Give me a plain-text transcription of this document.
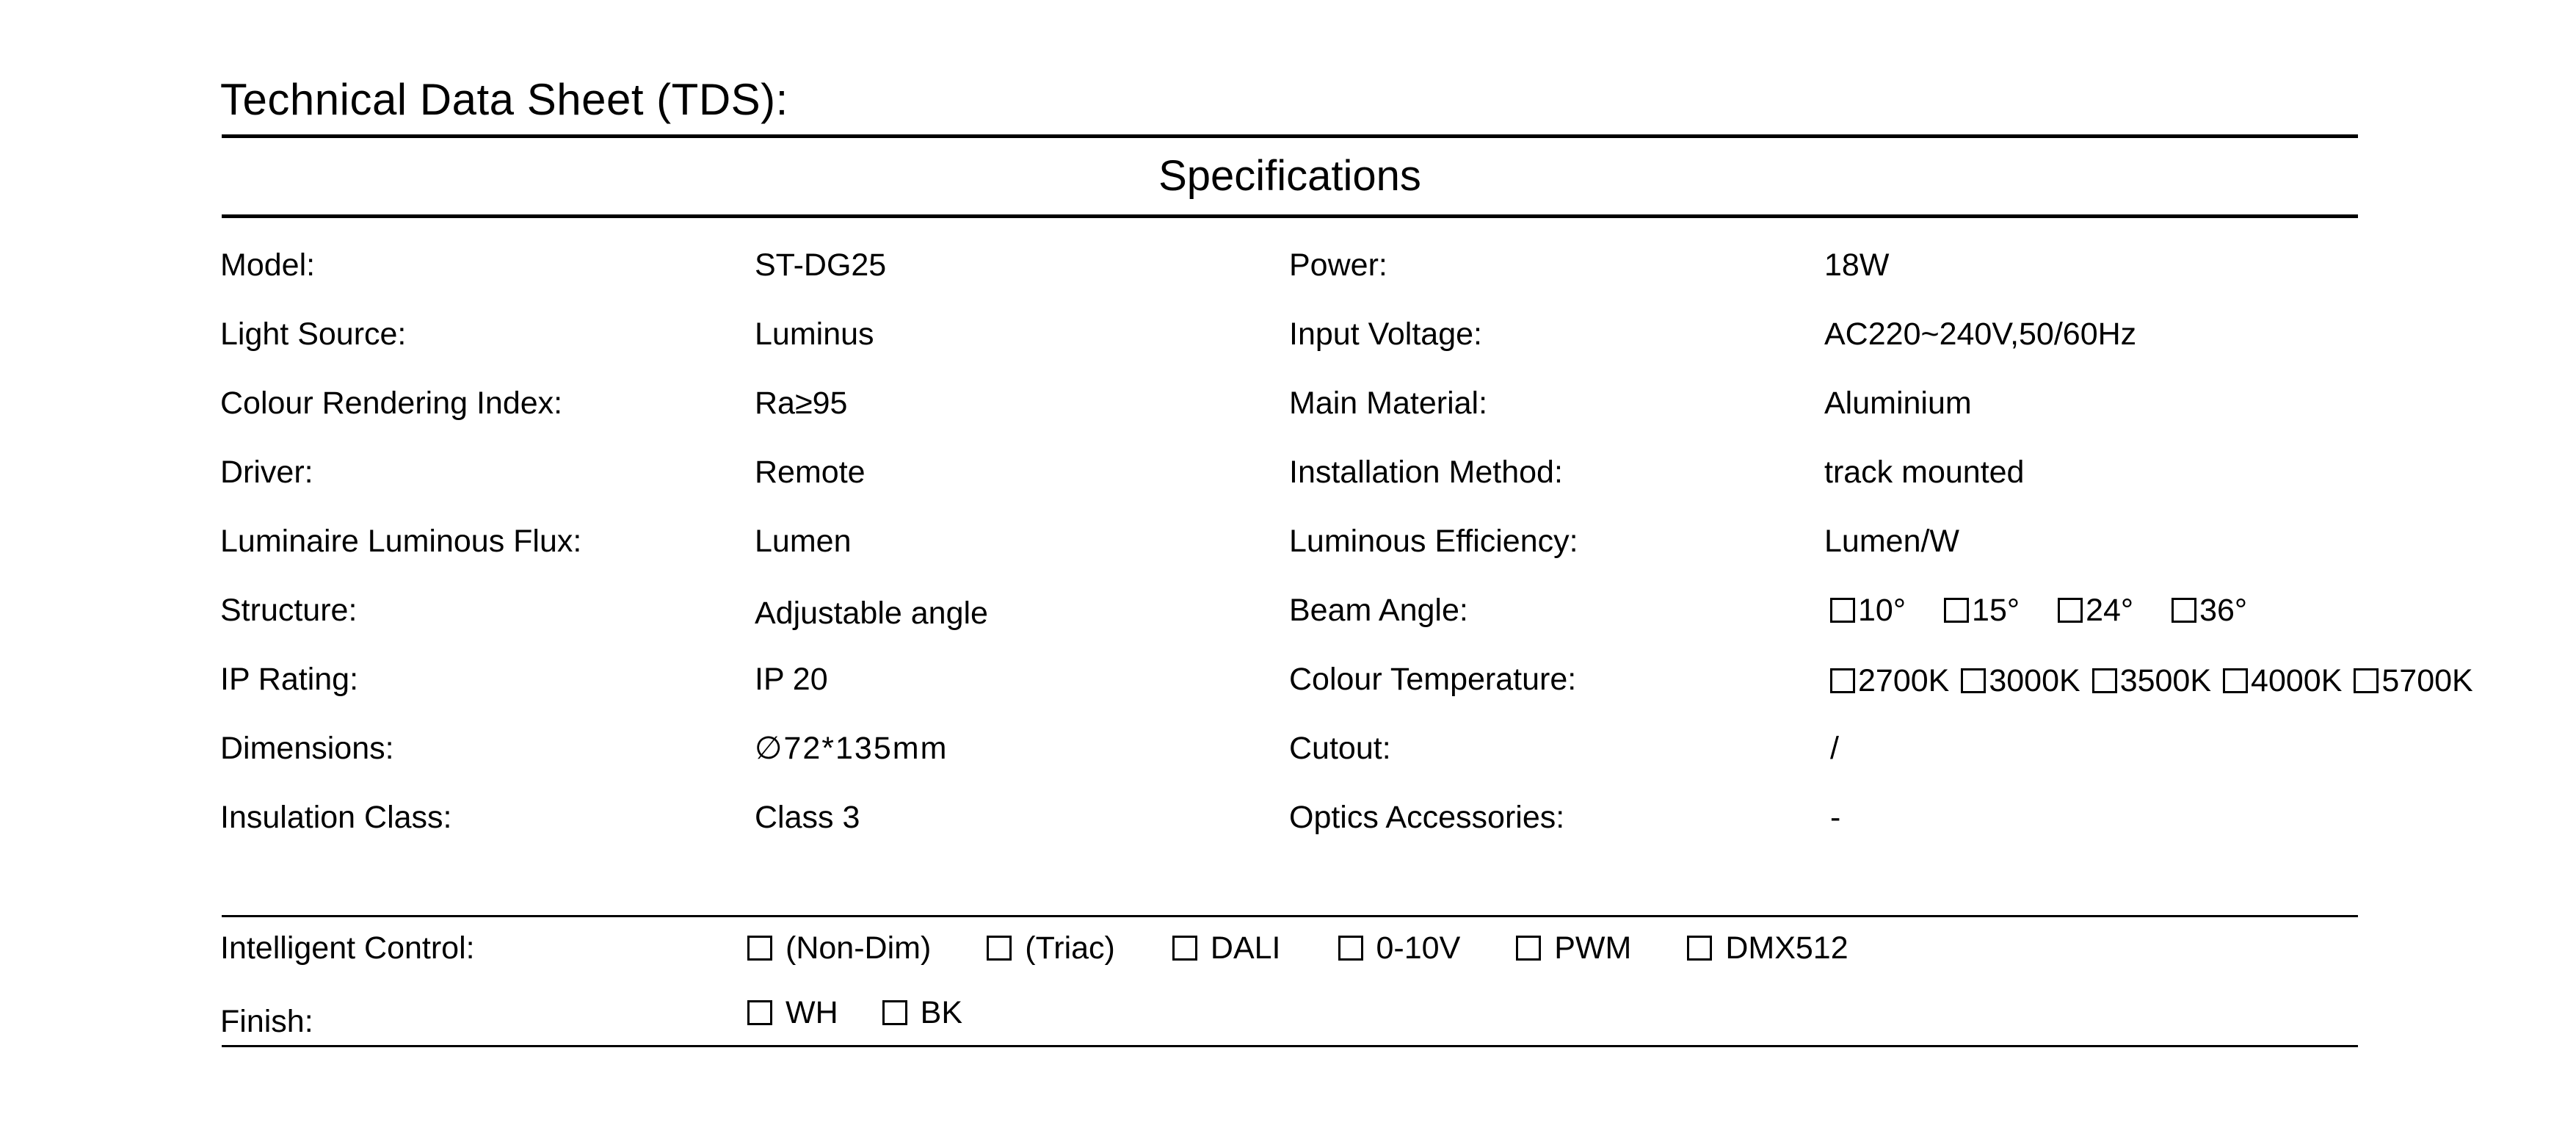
Technical Data Sheet (TDS):
Specifications
Model:	ST-DG25	Power:	18W
Light Source:	Luminus	Input Voltage:	AC220~240V,50/60Hz
Colour Rendering Index:	Ra≥95	Main Material:	Aluminium
Driver:	Remote	Installation Method:	track mounted
Luminaire Luminous Flux:	Lumen	Luminous Efficiency:	Lumen/W
Structure:	Adjustable angle	Beam Angle:	10° 15° 24° 36°
IP Rating:	IP 20	Colour Temperature:	2700K 3000K 3500K 4000K 5700K
Dimensions:	∅72*135mm	Cutout:	/
Insulation Class:	Class 3	Optics Accessories:	-
Intelligent Control:	(Non-Dim)	(Triac)	DALI	0-10V	PWM	DMX512
Finish:	WH	BK
